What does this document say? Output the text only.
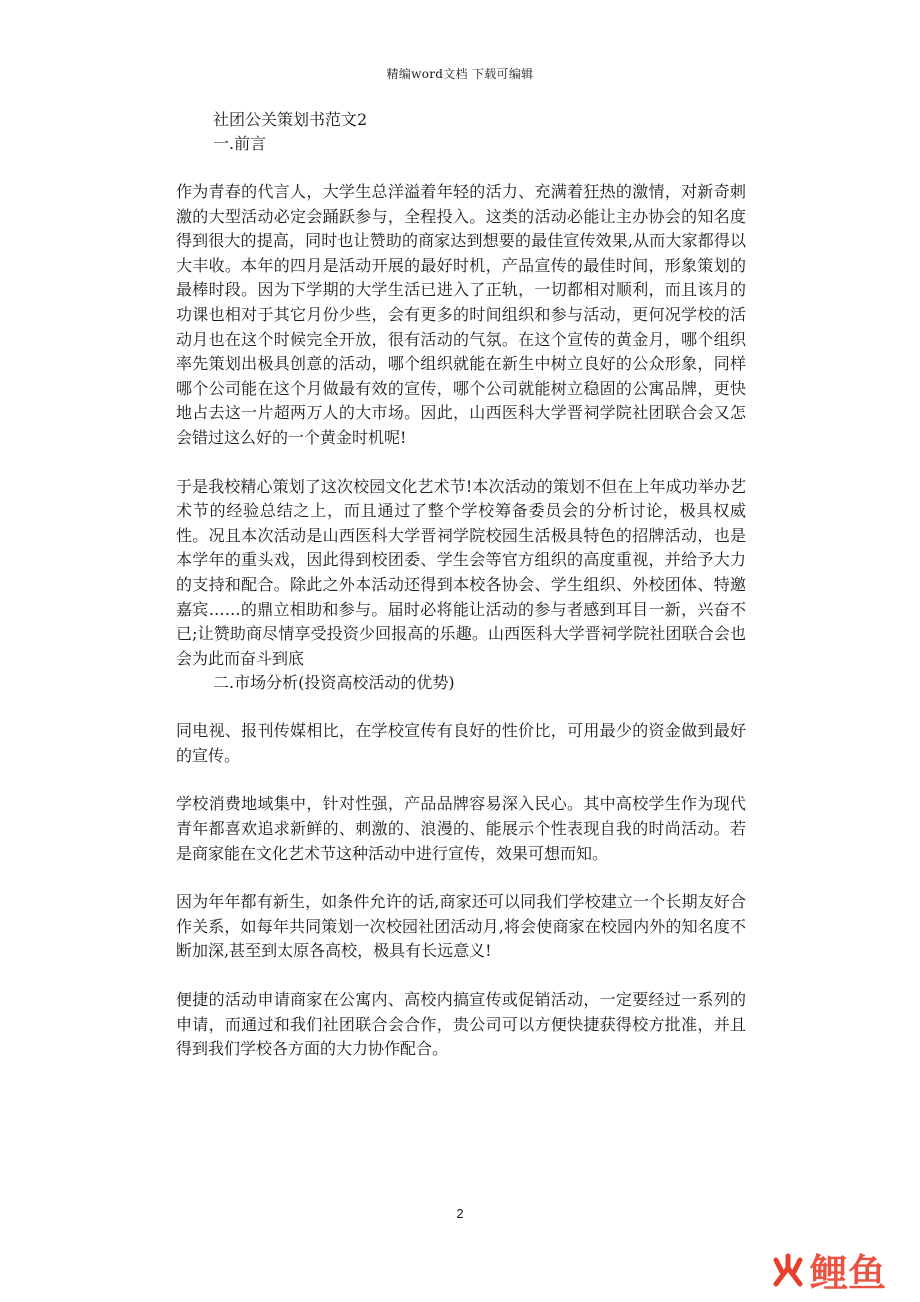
精编word文档 下载可编辑

社团公关策划书范文2

一.前言

作为青春的代言人，大学生总洋溢着年轻的活力、充满着狂热的激情，对新奇刺激的大型活动必定会踊跃参与，全程投入。这类的活动必能让主办协会的知名度得到很大的提高，同时也让赞助的商家达到想要的最佳宣传效果,从而大家都得以大丰收。本年的四月是活动开展的最好时机，产品宣传的最佳时间，形象策划的最棒时段。因为下学期的大学生活已进入了正轨，一切都相对顺利，而且该月的功课也相对于其它月份少些，会有更多的时间组织和参与活动，更何况学校的活动月也在这个时候完全开放，很有活动的气氛。在这个宣传的黄金月，哪个组织率先策划出极具创意的活动，哪个组织就能在新生中树立良好的公众形象，同样哪个公司能在这个月做最有效的宣传，哪个公司就能树立稳固的公寓品牌，更快地占去这一片超两万人的大市场。因此，山西医科大学晋祠学院社团联合会又怎会错过这么好的一个黄金时机呢!

于是我校精心策划了这次校园文化艺术节!本次活动的策划不但在上年成功举办艺术节的经验总结之上，而且通过了整个学校筹备委员会的分析讨论，极具权威性。况且本次活动是山西医科大学晋祠学院校园生活极具特色的招牌活动，也是本学年的重头戏，因此得到校团委、学生会等官方组织的高度重视，并给予大力的支持和配合。除此之外本活动还得到本校各协会、学生组织、外校团体、特邀嘉宾……的鼎立相助和参与。届时必将能让活动的参与者感到耳目一新，兴奋不已;让赞助商尽情享受投资少回报高的乐趣。山西医科大学晋祠学院社团联合会也会为此而奋斗到底

二.市场分析(投资高校活动的优势)

同电视、报刊传媒相比，在学校宣传有良好的性价比，可用最少的资金做到最好的宣传。

学校消费地域集中，针对性强，产品品牌容易深入民心。其中高校学生作为现代青年都喜欢追求新鲜的、刺激的、浪漫的、能展示个性表现自我的时尚活动。若是商家能在文化艺术节这种活动中进行宣传，效果可想而知。

因为年年都有新生，如条件允许的话,商家还可以同我们学校建立一个长期友好合作关系，如每年共同策划一次校园社团活动月,将会使商家在校园内外的知名度不断加深,甚至到太原各高校，极具有长远意义!

便捷的活动申请商家在公寓内、高校内搞宣传或促销活动，一定要经过一系列的申请，而通过和我们社团联合会合作，贵公司可以方便快捷获得校方批准，并且得到我们学校各方面的大力协作配合。

2
鲤鱼
